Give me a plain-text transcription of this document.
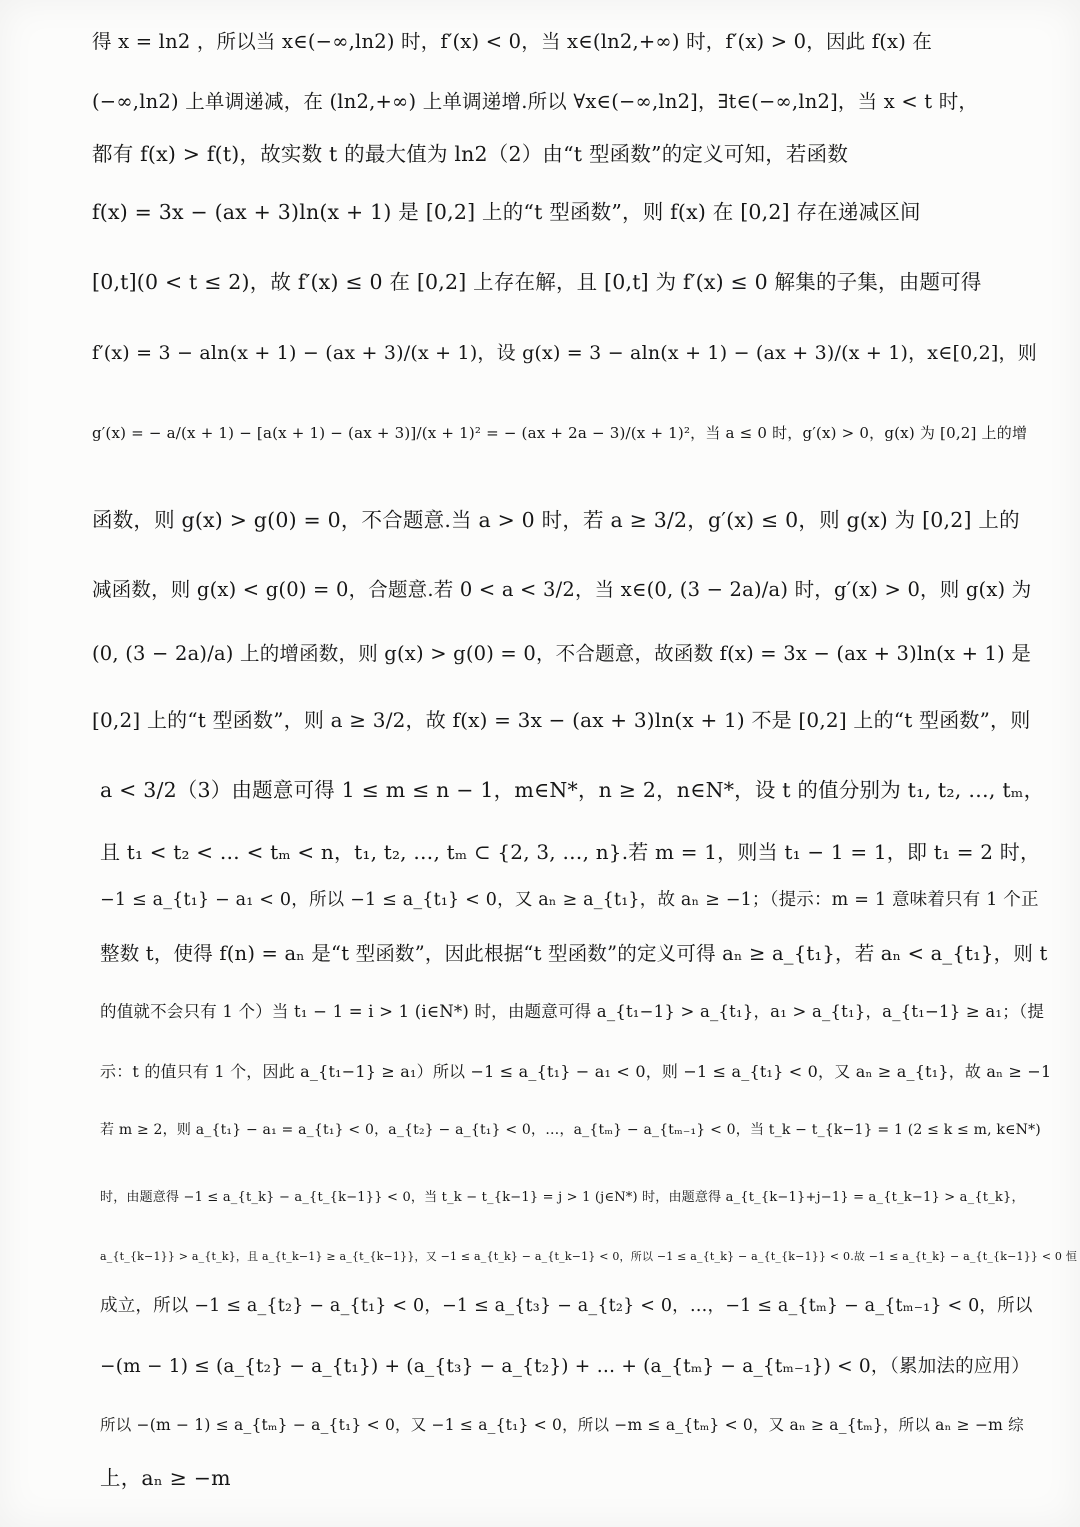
得 x = ln2 ，所以当 x∈(−∞,ln2) 时，f′(x) < 0，当 x∈(ln2,+∞) 时，f′(x) > 0，因此 f(x) 在
(−∞,ln2) 上单调递减，在 (ln2,+∞) 上单调递增.所以 ∀x∈(−∞,ln2]，∃t∈(−∞,ln2]，当 x < t 时，
都有 f(x) > f(t)，故实数 t 的最大值为 ln2（2）由“t 型函数”的定义可知，若函数
f(x) = 3x − (ax + 3)ln(x + 1) 是 [0,2] 上的“t 型函数”，则 f(x) 在 [0,2] 存在递减区间
[0,t](0 < t ≤ 2)，故 f′(x) ≤ 0 在 [0,2] 上存在解，且 [0,t] 为 f′(x) ≤ 0 解集的子集，由题可得
f′(x) = 3 − aln(x + 1) − (ax + 3)/(x + 1)，设 g(x) = 3 − aln(x + 1) − (ax + 3)/(x + 1)，x∈[0,2]，则
g′(x) = − a/(x + 1) − [a(x + 1) − (ax + 3)]/(x + 1)² = − (ax + 2a − 3)/(x + 1)²，当 a ≤ 0 时，g′(x) > 0，g(x) 为 [0,2] 上的增
函数，则 g(x) > g(0) = 0，不合题意.当 a > 0 时，若 a ≥ 3/2，g′(x) ≤ 0，则 g(x) 为 [0,2] 上的
减函数，则 g(x) < g(0) = 0，合题意.若 0 < a < 3/2，当 x∈(0, (3 − 2a)/a) 时，g′(x) > 0，则 g(x) 为
(0, (3 − 2a)/a) 上的增函数，则 g(x) > g(0) = 0，不合题意，故函数 f(x) = 3x − (ax + 3)ln(x + 1) 是
[0,2] 上的“t 型函数”，则 a ≥ 3/2，故 f(x) = 3x − (ax + 3)ln(x + 1) 不是 [0,2] 上的“t 型函数”，则
a < 3/2（3）由题意可得 1 ≤ m ≤ n − 1，m∈N*，n ≥ 2，n∈N*，设 t 的值分别为 t₁, t₂, …, tₘ，
且 t₁ < t₂ < … < tₘ < n，t₁, t₂, …, tₘ ⊂ {2, 3, …, n}.若 m = 1，则当 t₁ − 1 = 1，即 t₁ = 2 时，
−1 ≤ a_{t₁} − a₁ < 0，所以 −1 ≤ a_{t₁} < 0，又 aₙ ≥ a_{t₁}，故 aₙ ≥ −1；（提示：m = 1 意味着只有 1 个正
整数 t，使得 f(n) = aₙ 是“t 型函数”，因此根据“t 型函数”的定义可得 aₙ ≥ a_{t₁}，若 aₙ < a_{t₁}，则 t
的值就不会只有 1 个）当 t₁ − 1 = i > 1 (i∈N*) 时，由题意可得 a_{t₁−1} > a_{t₁}，a₁ > a_{t₁}，a_{t₁−1} ≥ a₁；（提
示：t 的值只有 1 个，因此 a_{t₁−1} ≥ a₁）所以 −1 ≤ a_{t₁} − a₁ < 0，则 −1 ≤ a_{t₁} < 0，又 aₙ ≥ a_{t₁}，故 aₙ ≥ −1
若 m ≥ 2，则 a_{t₁} − a₁ = a_{t₁} < 0，a_{t₂} − a_{t₁} < 0，…，a_{tₘ} − a_{tₘ₋₁} < 0，当 t_k − t_{k−1} = 1 (2 ≤ k ≤ m, k∈N*)
时，由题意得 −1 ≤ a_{t_k} − a_{t_{k−1}} < 0，当 t_k − t_{k−1} = j > 1 (j∈N*) 时，由题意得 a_{t_{k−1}+j−1} = a_{t_k−1} > a_{t_k}，
a_{t_{k−1}} > a_{t_k}，且 a_{t_k−1} ≥ a_{t_{k−1}}，又 −1 ≤ a_{t_k} − a_{t_k−1} < 0，所以 −1 ≤ a_{t_k} − a_{t_{k−1}} < 0.故 −1 ≤ a_{t_k} − a_{t_{k−1}} < 0 恒
成立，所以 −1 ≤ a_{t₂} − a_{t₁} < 0，−1 ≤ a_{t₃} − a_{t₂} < 0，…，−1 ≤ a_{tₘ} − a_{tₘ₋₁} < 0，所以
−(m − 1) ≤ (a_{t₂} − a_{t₁}) + (a_{t₃} − a_{t₂}) + … + (a_{tₘ} − a_{tₘ₋₁}) < 0，（累加法的应用）
所以 −(m − 1) ≤ a_{tₘ} − a_{t₁} < 0，又 −1 ≤ a_{t₁} < 0，所以 −m ≤ a_{tₘ} < 0，又 aₙ ≥ a_{tₘ}，所以 aₙ ≥ −m 综
上，aₙ ≥ −m
